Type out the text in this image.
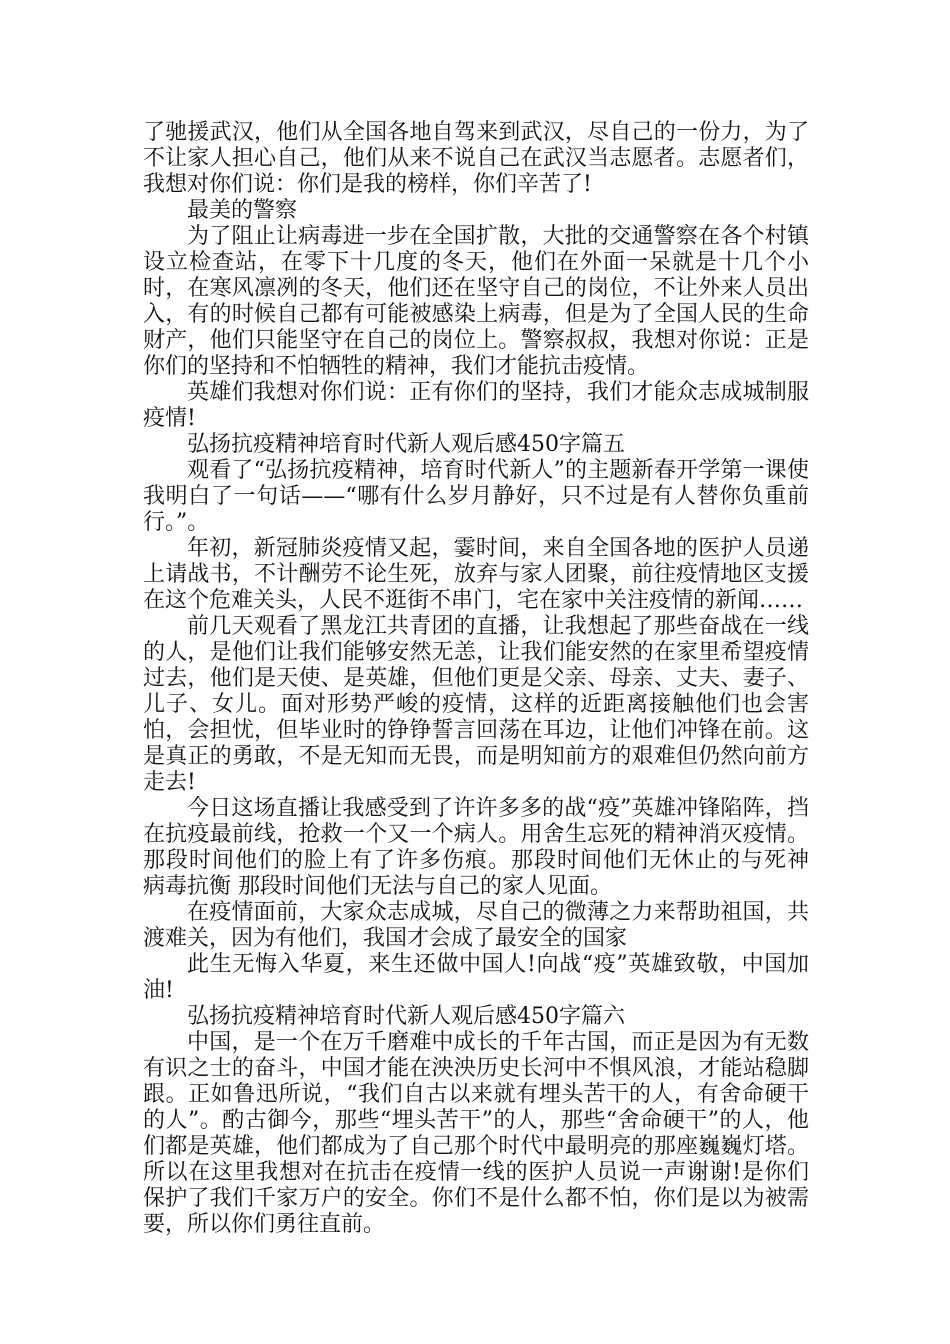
了驰援武汉，他们从全国各地自驾来到武汉，尽自己的一份力，为了不让家人担心自己，他们从来不说自己在武汉当志愿者。志愿者们，我想对你们说：你们是我的榜样，你们辛苦了!

最美的警察

为了阻止让病毒进一步在全国扩散，大批的交通警察在各个村镇设立检查站，在零下十几度的冬天，他们在外面一呆就是十几个小时，在寒风凛冽的冬天，他们还在坚守自己的岗位，不让外来人员出入，有的时候自己都有可能被感染上病毒，但是为了全国人民的生命财产，他们只能坚守在自己的岗位上。警察叔叔，我想对你说：正是你们的坚持和不怕牺牲的精神，我们才能抗击疫情。

英雄们我想对你们说：正有你们的坚持，我们才能众志成城制服疫情!

弘扬抗疫精神培育时代新人观后感450字篇五

观看了“弘扬抗疫精神，培育时代新人”的主题新春开学第一课使我明白了一句话——“哪有什么岁月静好，只不过是有人替你负重前行。”。

年初，新冠肺炎疫情又起，霎时间，来自全国各地的医护人员递上请战书，不计酬劳不论生死，放弃与家人团聚，前往疫情地区支援在这个危难关头，人民不逛街不串门，宅在家中关注疫情的新闻……

前几天观看了黑龙江共青团的直播，让我想起了那些奋战在一线的人，是他们让我们能够安然无恙，让我们能安然的在家里希望疫情过去，他们是天使、是英雄，但他们更是父亲、母亲、丈夫、妻子、儿子、女儿。面对形势严峻的疫情，这样的近距离接触他们也会害怕，会担忧，但毕业时的铮铮誓言回荡在耳边，让他们冲锋在前。这是真正的勇敢，不是无知而无畏，而是明知前方的艰难但仍然向前方走去!

今日这场直播让我感受到了许许多多的战“疫”英雄冲锋陷阵，挡在抗疫最前线，抢救一个又一个病人。用舍生忘死的精神消灭疫情。那段时间他们的脸上有了许多伤痕。那段时间他们无休止的与死神 病毒抗衡 那段时间他们无法与自己的家人见面。

在疫情面前，大家众志成城，尽自己的微薄之力来帮助祖国，共渡难关，因为有他们，我国才会成了最安全的国家

此生无悔入华夏，来生还做中国人!向战“疫”英雄致敬，中国加油!

弘扬抗疫精神培育时代新人观后感450字篇六

中国，是一个在万千磨难中成长的千年古国，而正是因为有无数有识之士的奋斗，中国才能在泱泱历史长河中不惧风浪，才能站稳脚跟。正如鲁迅所说，“我们自古以来就有埋头苦干的人，有舍命硬干的人”。酌古御今，那些“埋头苦干”的人，那些“舍命硬干”的人，他们都是英雄，他们都成为了自己那个时代中最明亮的那座巍巍灯塔。所以在这里我想对在抗击在疫情一线的医护人员说一声谢谢!是你们保护了我们千家万户的安全。你们不是什么都不怕，你们是以为被需要，所以你们勇往直前。
